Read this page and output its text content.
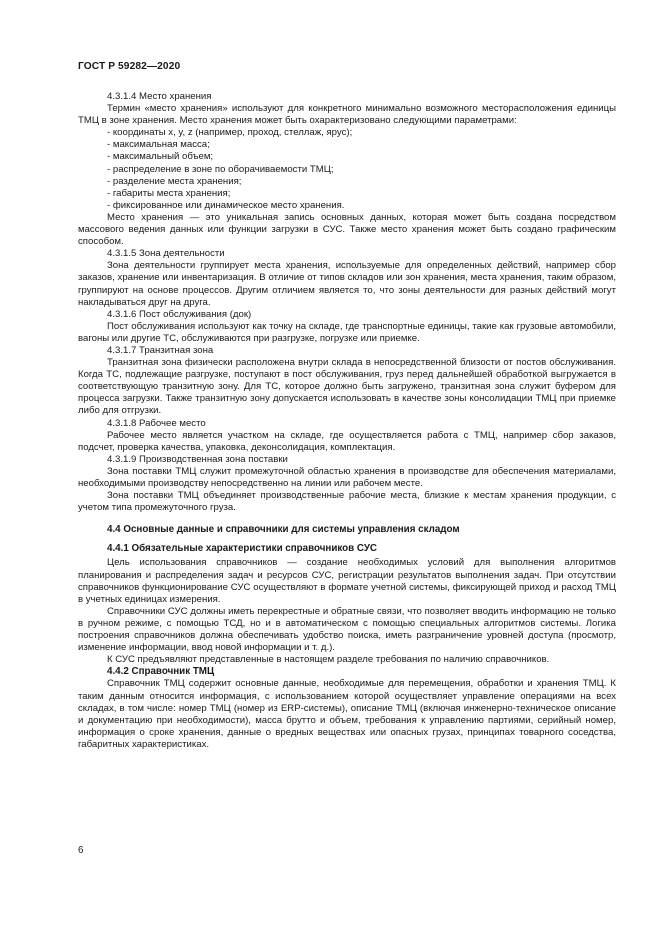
ГОСТ Р 59282—2020
4.3.1.4 Место хранения

Термин «место хранения» используют для конкретного минимально возможного месторасположения единицы ТМЦ в зоне хранения. Место хранения может быть охарактеризовано следующими параметрами:

- координаты x, y, z (например, проход, стеллаж, ярус);
- максимальная масса;
- максимальный объем;
- распределение в зоне по оборачиваемости ТМЦ;
- разделение места хранения;
- габариты места хранения;
- фиксированное или динамическое место хранения.

Место хранения — это уникальная запись основных данных, которая может быть создана посредством массового ведения данных или функции загрузки в СУС. Также место хранения может быть создано графическим способом.

4.3.1.5 Зона деятельности

Зона деятельности группирует места хранения, используемые для определенных действий, например сбор заказов, хранение или инвентаризация. В отличие от типов складов или зон хранения, места хранения, таким образом, группируют на основе процессов. Другим отличием является то, что зоны деятельности для разных действий могут накладываться друг на друга.

4.3.1.6 Пост обслуживания (док)

Пост обслуживания используют как точку на складе, где транспортные единицы, такие как грузовые автомобили, вагоны или другие ТС, обслуживаются при разгрузке, погрузке или приемке.

4.3.1.7 Транзитная зона

Транзитная зона физически расположена внутри склада в непосредственной близости от постов обслуживания. Когда ТС, подлежащие разгрузке, поступают в пост обслуживания, груз перед дальнейшей обработкой выгружается в соответствующую транзитную зону. Для ТС, которое должно быть загружено, транзитная зона служит буфером для процесса загрузки. Также транзитную зону допускается использовать в качестве зоны консолидации ТМЦ при приемке либо для отгрузки.

4.3.1.8 Рабочее место

Рабочее место является участком на складе, где осуществляется работа с ТМЦ, например сбор заказов, подсчет, проверка качества, упаковка, деконсолидация, комплектация.

4.3.1.9 Производственная зона поставки

Зона поставки ТМЦ служит промежуточной областью хранения в производстве для обеспечения материалами, необходимыми производству непосредственно на линии или рабочем месте.

Зона поставки ТМЦ объединяет производственные рабочие места, близкие к местам хранения продукции, с учетом типа промежуточного груза.

4.4 Основные данные и справочники для системы управления складом
4.4.1 Обязательные характеристики справочников СУС

Цель использования справочников — создание необходимых условий для выполнения алгоритмов планирования и распределения задач и ресурсов СУС, регистрации результатов выполнения задач. При отсутствии справочников функционирование СУС осуществляют в формате учетной системы, фиксирующей приход и расход ТМЦ в учетных единицах измерения.

Справочники СУС должны иметь перекрестные и обратные связи, что позволяет вводить информацию не только в ручном режиме, с помощью ТСД, но и в автоматическом с помощью специальных алгоритмов системы. Логика построения справочников должна обеспечивать удобство поиска, иметь разграничение уровней доступа (просмотр, изменение информации, ввод новой информации и т. д.).

К СУС предъявляют представленные в настоящем разделе требования по наличию справочников.

4.4.2 Справочник ТМЦ

Справочник ТМЦ содержит основные данные, необходимые для перемещения, обработки и хранения ТМЦ. К таким данным относится информация, с использованием которой осуществляет управление операциями на всех складах, в том числе: номер ТМЦ (номер из ERP-системы), описание ТМЦ (включая инженерно-техническое описание и документацию при необходимости), масса брутто и объем, требования к управлению партиями, серийный номер, информация о сроке хранения, данные о вредных веществах или опасных грузах, принципах товарного соседства, габаритных характеристиках.

6
